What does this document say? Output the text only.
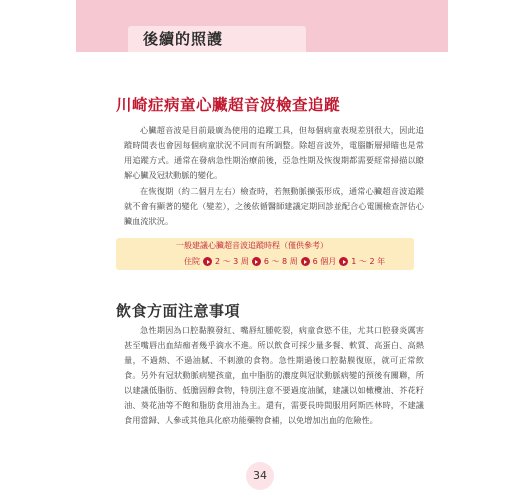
後續的照護
川崎症病童心臟超音波檢查追蹤

心臟超音波是目前最廣為使用的追蹤工具，但每個病童表現差別很大，因此追蹤時間表也會因每個病童狀況不同而有所調整。除超音波外，電腦斷層掃瞄也是常用追蹤方式。通常在發病急性期治療前後，亞急性期及恢復期都需要經常掃描以瞭解心臟及冠狀動脈的變化。

在恢復期（約二個月左右）檢查時，若無動脈擴張形成，通常心臟超音波追蹤就不會有顯著的變化（變差），之後依循醫師建議定期回診並配合心電圖檢查評估心臟血流狀況。

一般建議心臟超音波追蹤時程（僅供參考）
住院 2 ～ 3 周 6 ～ 8 周 6 個月 1 ～ 2 年
飲食方面注意事項

急性期因為口腔黏膜發紅、嘴唇紅腫乾裂，病童食慾不佳，尤其口腔發炎厲害甚至嘴唇出血結痂者幾乎滴水不進。所以飲食可採少量多餐、軟質、高蛋白、高熱量，不過熱、不過油膩、不刺激的食物。急性期過後口腔黏膜復原，就可正常飲食。另外有冠狀動脈病變孩童，血中脂肪的濃度與冠狀動脈病變的預後有關聯，所以建議低脂肪、低膽固醇食物，特別注意不要過度油膩，建議以如橄欖油、芥花籽油、葵花油等不飽和脂肪食用油為主。還有，需要長時間服用阿斯匹林時，不建議食用當歸、人參或其他具化瘀功能藥物食補，以免增加出血的危險性。

34
